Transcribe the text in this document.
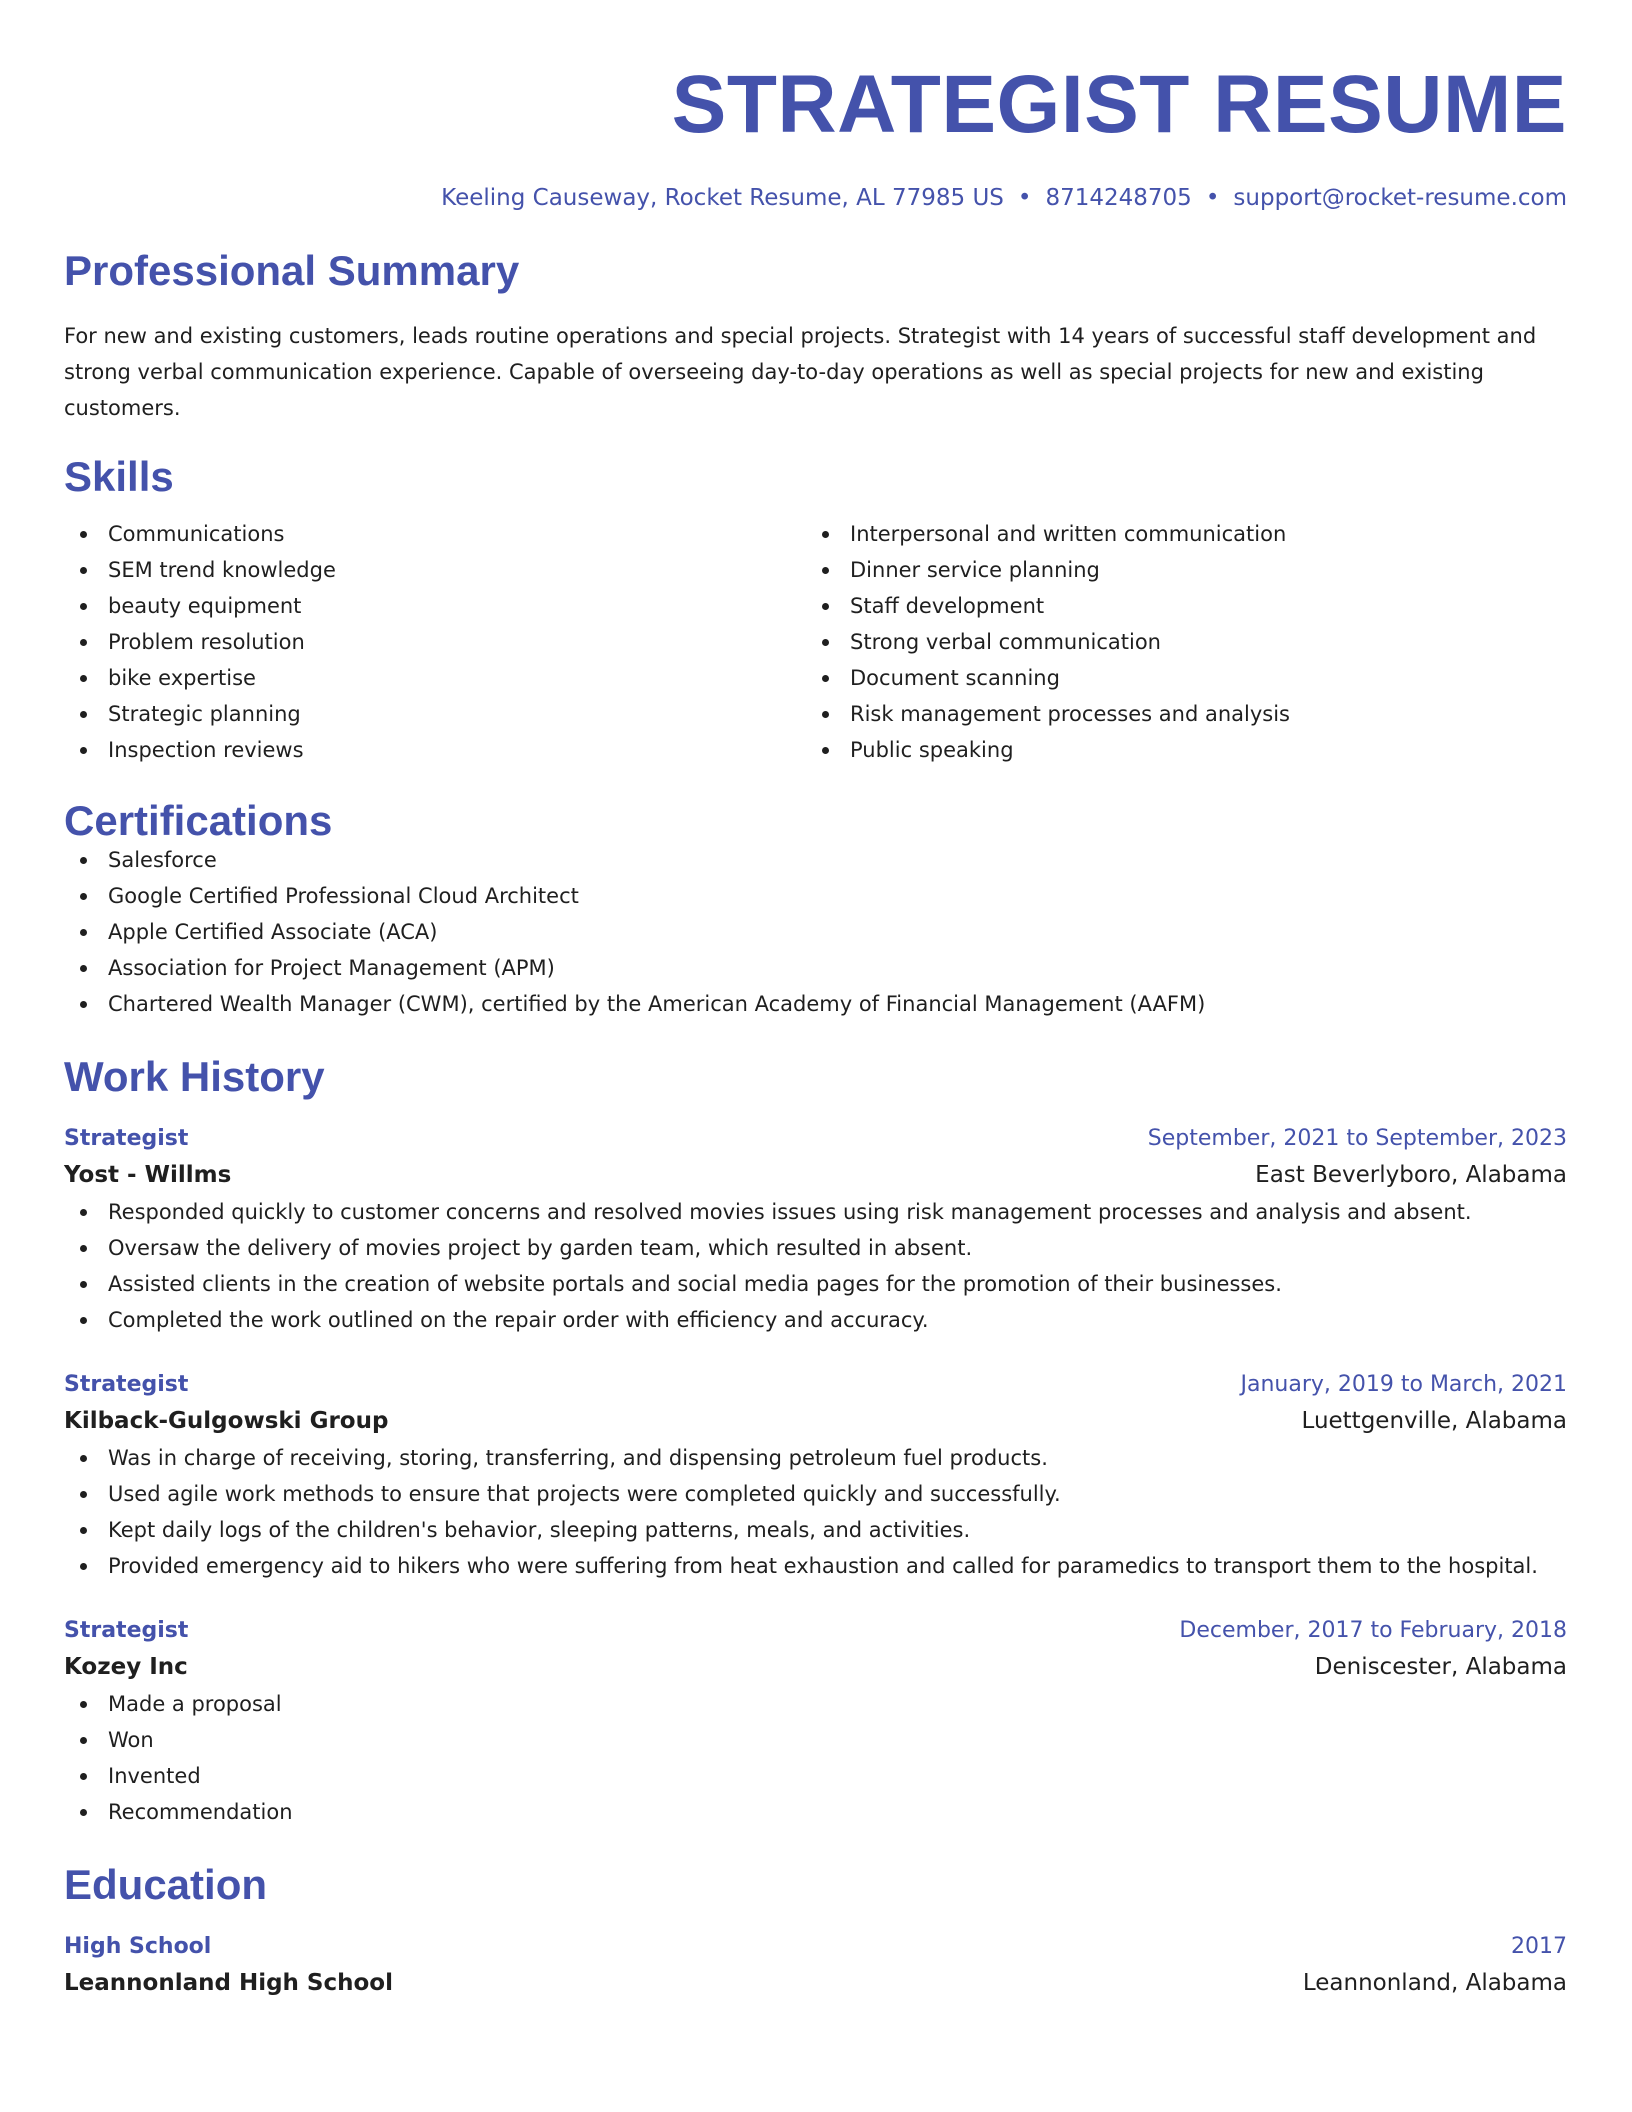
STRATEGIST RESUME
Keeling Causeway, Rocket Resume, AL 77985 US • 8714248705 • support@rocket-resume.com
Professional Summary

For new and existing customers, leads routine operations and special projects. Strategist with 14 years of successful staff development and strong verbal communication experience. Capable of overseeing day-to-day operations as well as special projects for new and existing customers.

Skills
Communications
SEM trend knowledge
beauty equipment
Problem resolution
bike expertise
Strategic planning
Inspection reviews
Interpersonal and written communication
Dinner service planning
Staff development
Strong verbal communication
Document scanning
Risk management processes and analysis
Public speaking
Certifications
Salesforce
Google Certified Professional Cloud Architect
Apple Certified Associate (ACA)
Association for Project Management (APM)
Chartered Wealth Manager (CWM), certified by the American Academy of Financial Management (AAFM)
Work History
Strategist	September, 2021 to September, 2023
Yost - Willms	East Beverlyboro, Alabama
Responded quickly to customer concerns and resolved movies issues using risk management processes and analysis and absent.
Oversaw the delivery of movies project by garden team, which resulted in absent.
Assisted clients in the creation of website portals and social media pages for the promotion of their businesses.
Completed the work outlined on the repair order with efficiency and accuracy.
Strategist	January, 2019 to March, 2021
Kilback-Gulgowski Group	Luettgenville, Alabama
Was in charge of receiving, storing, transferring, and dispensing petroleum fuel products.
Used agile work methods to ensure that projects were completed quickly and successfully.
Kept daily logs of the children's behavior, sleeping patterns, meals, and activities.
Provided emergency aid to hikers who were suffering from heat exhaustion and called for paramedics to transport them to the hospital.
Strategist	December, 2017 to February, 2018
Kozey Inc	Deniscester, Alabama
Made a proposal
Won
Invented
Recommendation
Education
High School	2017
Leannonland High School	Leannonland, Alabama
